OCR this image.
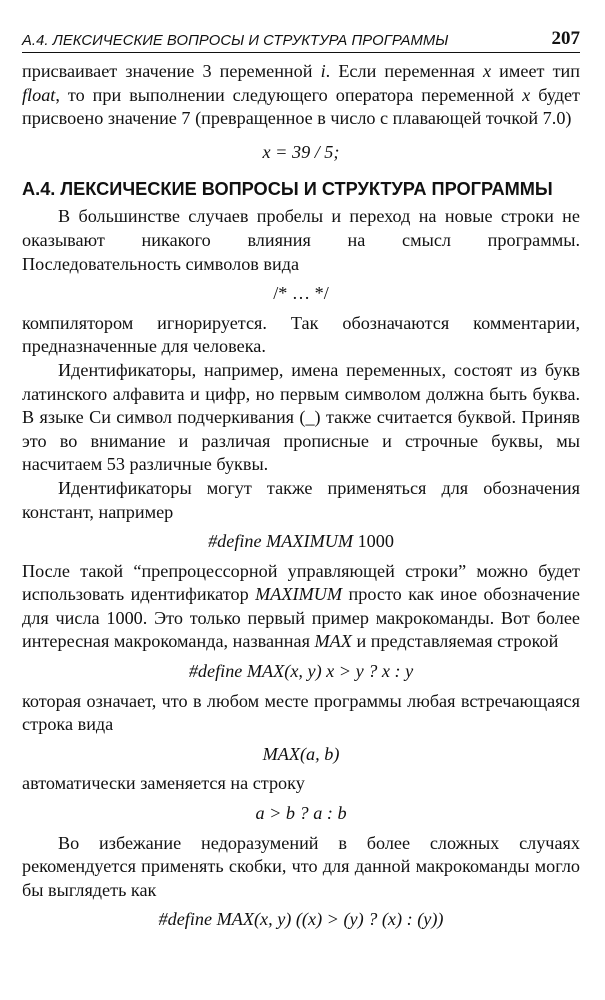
А.4. ЛЕКСИЧЕСКИЕ ВОПРОСЫ И СТРУКТУРА ПРОГРАММЫ	207

присваивает значение 3 переменной i. Если переменная x имеет тип float, то при выполнении следующего оператора переменной x будет присвоено значение 7 (превращенное в число с плавающей точкой 7.0)

x = 39 / 5;
А.4. ЛЕКСИЧЕСКИЕ ВОПРОСЫ И СТРУКТУРА ПРОГРАММЫ

В большинстве случаев пробелы и переход на новые строки не оказывают никакого влияния на смысл программы. Последовательность символов вида

/* … */

компилятором игнорируется. Так обозначаются комментарии, предназначенные для человека.

Идентификаторы, например, имена переменных, состоят из букв латинского алфавита и цифр, но первым символом должна быть буква. В языке Си символ подчеркивания (_) также считается буквой. Приняв это во внимание и различая прописные и строчные буквы, мы насчитаем 53 различные буквы.

Идентификаторы могут также применяться для обозначения констант, например

#define MAXIMUM 1000

После такой “препроцессорной управляющей строки” можно будет использовать идентификатор MAXIMUM просто как иное обозначение для числа 1000. Это только первый пример макрокоманды. Вот более интересная макрокоманда, названная MAX и представляемая строкой

#define MAX(x, y) x > y ? x : y

которая означает, что в любом месте программы любая встречающаяся строка вида

MAX(a, b)

автоматически заменяется на строку

a > b ? a : b

Во избежание недоразумений в более сложных случаях рекомендуется применять скобки, что для данной макрокоманды могло бы выглядеть как

#define MAX(x, y) ((x) > (y) ? (x) : (y))
